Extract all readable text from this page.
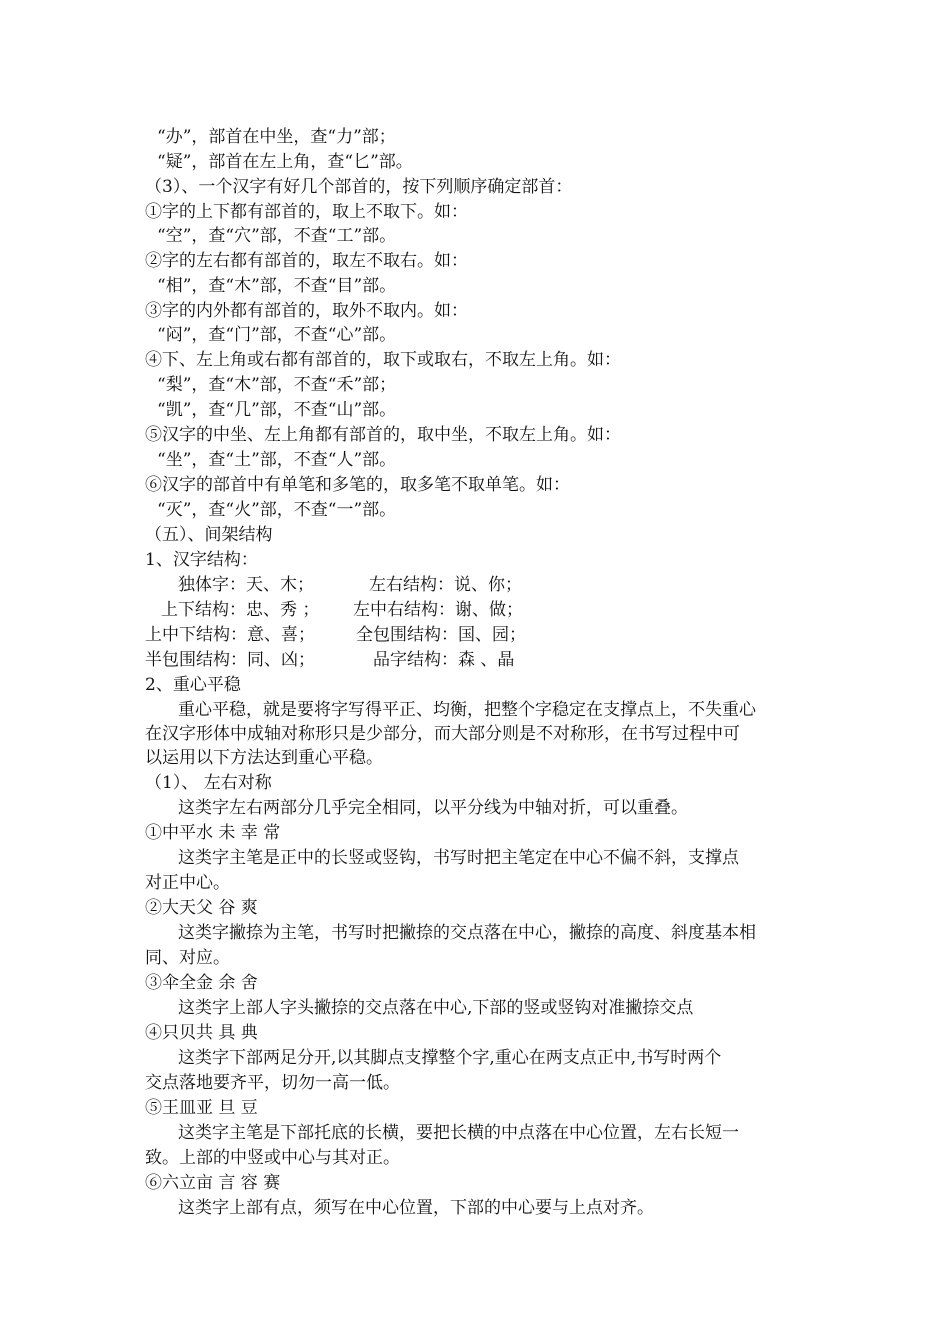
“办”，部首在中坐，查“力”部；
“疑”，部首在左上角，查“匕”部。
（3）、一个汉字有好几个部首的，按下列顺序确定部首：
①字的上下都有部首的，取上不取下。如：
“空”，查“穴”部，不查“工”部。
②字的左右都有部首的，取左不取右。如：
“相”，查“木”部，不查“目”部。
③字的内外都有部首的，取外不取内。如：
“闷”，查“门”部，不查“心”部。
④下、左上角或右都有部首的，取下或取右，不取左上角。如：
“梨”，查“木”部，不查“禾”部；
“凯”，查“几”部，不查“山”部。
⑤汉字的中坐、左上角都有部首的，取中坐，不取左上角。如：
“坐”，查“土”部，不查“人”部。
⑥汉字的部首中有单笔和多笔的，取多笔不取单笔。如：
“灭”，查“火”部，不查“一”部。
（五）、间架结构
1、汉字结构：
独体字：天、木；	左右结构：说、你；
上下结构：忠、秀 ； 左中右结构：谢、做；
上中下结构：意、喜； 全包围结构：国、园；
半包围结构：同、凶；	品字结构：森 、晶
2、重心平稳
重心平稳，就是要将字写得平正、均衡，把整个字稳定在支撑点上，不失重心
在汉字形体中成轴对称形只是少部分，而大部分则是不对称形，在书写过程中可
以运用以下方法达到重心平稳。
（1）、 左右对称
这类字左右两部分几乎完全相同，以平分线为中轴对折，可以重叠。
①中平水 未 幸 常
这类字主笔是正中的长竖或竖钩，书写时把主笔定在中心不偏不斜，支撑点
对正中心。
②大天父 谷 爽
这类字撇捺为主笔，书写时把撇捺的交点落在中心，撇捺的高度、斜度基本相
同、对应。
③伞全金 余 舍
这类字上部人字头撇捺的交点落在中心,下部的竖或竖钩对准撇捺交点
④只贝共 具 典
这类字下部两足分开,以其脚点支撑整个字,重心在两支点正中,书写时两个
交点落地要齐平，切勿一高一低。
⑤王皿亚 旦 豆
这类字主笔是下部托底的长横，要把长横的中点落在中心位置，左右长短一
致。上部的中竖或中心与其对正。
⑥六立亩 言 容 赛
这类字上部有点，须写在中心位置，下部的中心要与上点对齐。
